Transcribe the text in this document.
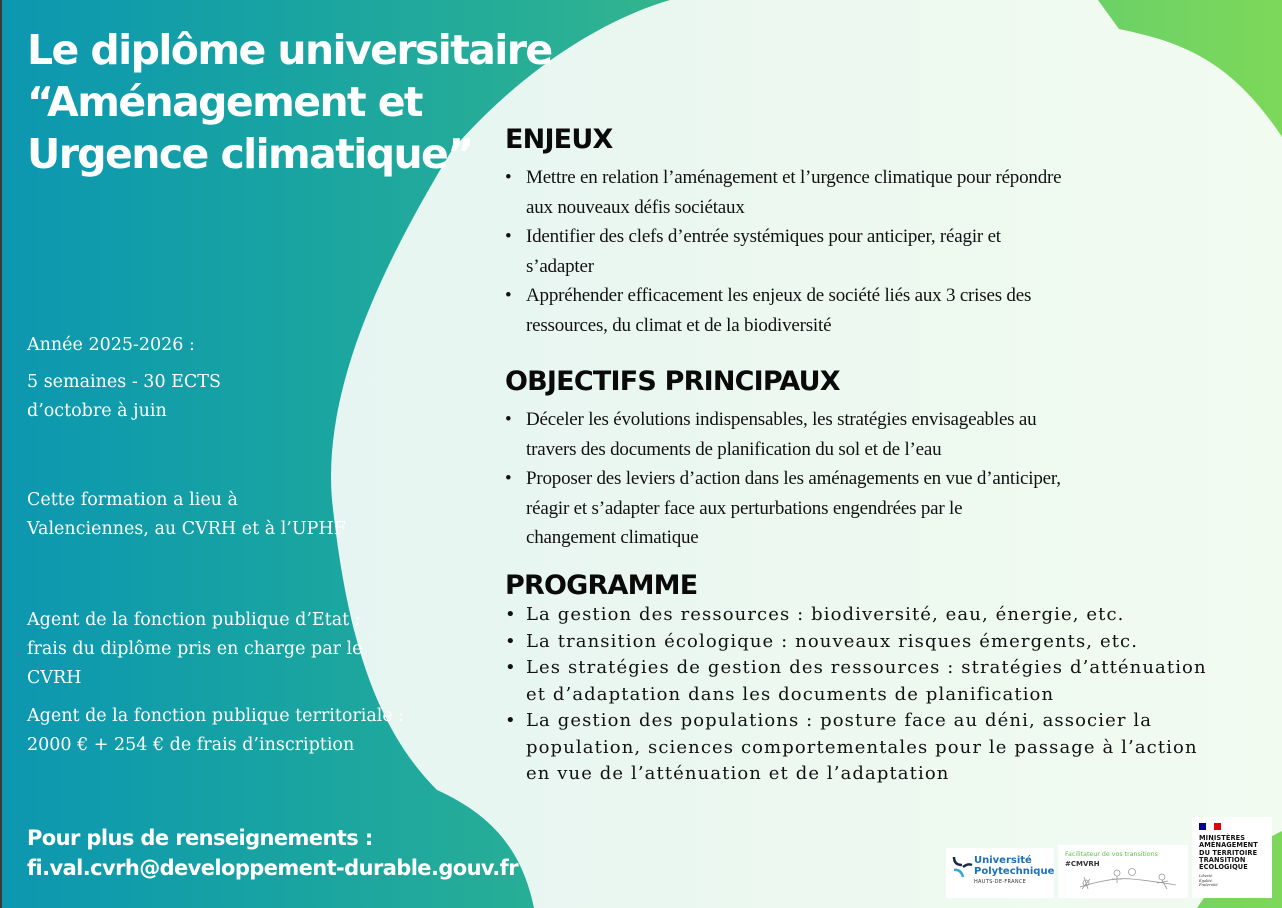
Le diplôme universitaire
“Aménagement et
Urgence climatique”

Année 2025-2026 :

5 semaines - 30 ECTS

d’octobre à juin

Cette formation a lieu à

Valenciennes, au CVRH et à l’UPHF

Agent de la fonction publique d’Etat :

frais du diplôme pris en charge par le

CVRH

Agent de la fonction publique territoriale :

2000 € + 254 € de frais d’inscription

Pour plus de renseignements :
fi.val.cvrh@developpement-durable.gouv.fr
ENJEUX
• Mettre en relation l’aménagement et l’urgence climatique pour répondre
aux nouveaux défis sociétaux
• Identifier des clefs d’entrée systémiques pour anticiper, réagir et
s’adapter
• Appréhender efficacement les enjeux de société liés aux 3 crises des
ressources, du climat et de la biodiversité
OBJECTIFS PRINCIPAUX
• Déceler les évolutions indispensables, les stratégies envisageables au
travers des documents de planification du sol et de l’eau
• Proposer des leviers d’action dans les aménagements en vue d’anticiper,
réagir et s’adapter face aux perturbations engendrées par le
changement climatique
PROGRAMME
• La gestion des ressources : biodiversité, eau, énergie, etc.
• La transition écologique : nouveaux risques émergents, etc.
• Les stratégies de gestion des ressources : stratégies d’atténuation
et d’adaptation dans les documents de planification
• La gestion des populations : posture face au déni, associer la
population, sciences comportementales pour le passage à l’action
en vue de l’atténuation et de l’adaptation
Université
Polytechnique
HAUTS-DE-FRANCE
Facilitateur de vos transitions
#CMVRH
MINISTÈRES
AMÉNAGEMENT
DU TERRITOIRE
TRANSITION
ÉCOLOGIQUE
Liberté
Égalité
Fraternité
